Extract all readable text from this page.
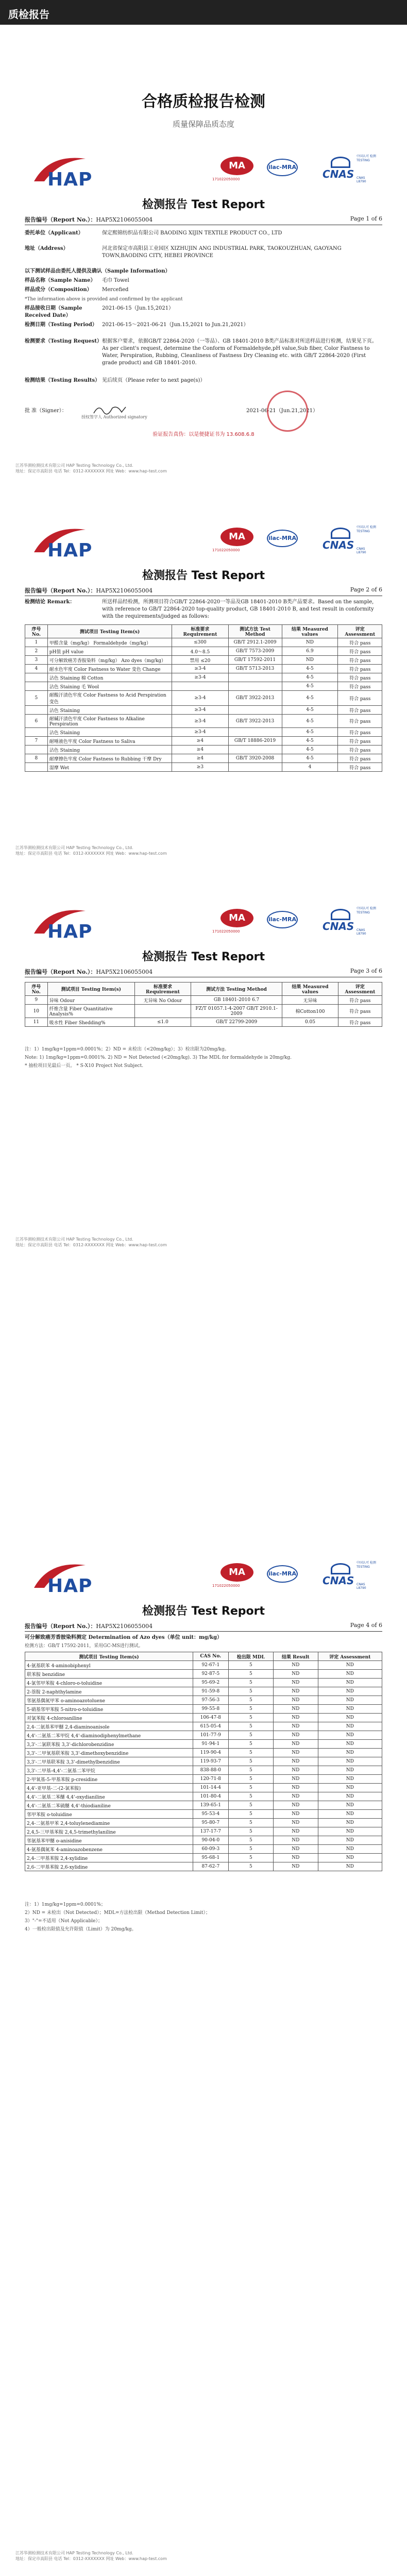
质检报告
合格质检报告检测
质量保障品质态度
HAP
MA
171022050000
ilac-MRA
CNAS
中国认可 检测 TESTING
CNAS L8790
检测报告 Test Report
报告编号（Report No.）：HAP5X2106055004	Page 1 of 6
委托单位（Applicant）	保定熙锦纺织品有限公司 BAODING XIJIN TEXTILE PRODUCT CO., LTD
地址（Address）	河北省保定市高阳县工业园区 XIZHUJIN ANG INDUSTRIAL PARK, TAOKOUZHUAN, GAOYANG TOWN,BAODING CITY, HEBEI PROVINCE
以下测试样品由委托人提供及确认（Sample Information）
样品名称（Sample Name）	毛巾 Towel
样品成分（Composition）	Mercefied
*The information above is provided and confirmed by the applicant
样品接收日期（Sample Received Date）
2021-06-15（Jun.15,2021）
检测日期（Testing Period） 2021-06-15～2021-06-21（Jun.15,2021 to Jun.21,2021）
检测要求（Testing Request） 根据客户要求，依据GB/T 22864-2020（一等品）、GB 18401-2010 B类产品标准对所送样品进行检测，结果见下页。As per client's request, determine the Conform of Formaldehyde,pH value,Sub fiber, Color Fastness to Water, Perspiration, Rubbing, Cleanliness of Fastness Dry Cleaning etc. with GB/T 22864-2020 (First grade product) and GB 18401-2010.
检测结果（Testing Results） 见后续页（Please refer to next page(s)）
批 准（Signer）：	2021-06-21（Jun.21,2021）
授权签字人 Authorized signatory
验证报告真伪：以是便捷证书为 13.608.6.8
江苏华测检测技术有限公司 HAP Testing Technology Co., Ltd.
地址：保定市高阳县 电话 Tel：0312-XXXXXXX 网址 Web：www.hap-test.com
HAP
MA
171022050000
ilac-MRA
CNAS
中国认可 检测 TESTING
CNAS L8790
检测报告 Test Report
报告编号（Report No.）：HAP5X2106055004	Page 2 of 6
检测结论 Remark：	所送样品经检测，所测项目符合GB/T 22864-2020一等品及GB 18401-2010 B类产品要求。Based on the sample, with reference to GB/T 22864-2020 top-quality product, GB 18401-2010 B, and test result in conformity with the requirements/judged as follows:
序号 No.	测试项目 Testing Item(s)	标准要求 Requirement	测试方法 Test Method	结果 Measured values	评定 Assessment
1	甲醛含量（mg/kg） Formaldehyde（mg/kg）	≤300	GB/T 2912.1-2009	ND	符合 pass
2	pH值 pH value	4.0～8.5	GB/T 7573-2009	6.9	符合 pass
3	可分解致癌芳香胺染料（mg/kg） Azo dyes（mg/kg）	禁用 ≤20	GB/T 17592-2011	ND	符合 pass
4	耐水色牢度 Color Fastness to Water 变色 Change	≥3-4	GB/T 5713-2013	4-5	符合 pass
	沾色 Staining 棉 Cotton	≥3-4		4-5	符合 pass
	沾色 Staining 毛 Wool			4-5	符合 pass
5	耐酸汗渍色牢度 Color Fastness to Acid Perspiration 变色	≥3-4	GB/T 3922-2013	4-5	符合 pass
	沾色 Staining	≥3-4		4-5	符合 pass
6	耐碱汗渍色牢度 Color Fastness to Alkaline Perspiration	≥3-4	GB/T 3922-2013	4-5	符合 pass
	沾色 Staining	≥3-4		4-5	符合 pass
7	耐唾液色牢度 Color Fastness to Saliva	≥4	GB/T 18886-2019	4-5	符合 pass
	沾色 Staining	≥4		4-5	符合 pass
8	耐摩擦色牢度 Color Fastness to Rubbing 干摩 Dry	≥4	GB/T 3920-2008	4-5	符合 pass
	湿摩 Wet	≥3		4	符合 pass
江苏华测检测技术有限公司 HAP Testing Technology Co., Ltd.
地址：保定市高阳县 电话 Tel：0312-XXXXXXX 网址 Web：www.hap-test.com
HAP
MA
171022050000
ilac-MRA
CNAS
中国认可 检测 TESTING
CNAS L8790
检测报告 Test Report
报告编号（Report No.）：HAP5X2106055004	Page 3 of 6
序号 No.	测试项目 Testing Item(s)	标准要求 Requirement	测试方法 Testing Method	结果 Measured values	评定 Assessment
9	异味 Odour	无异味 No Odour	GB 18401-2010 6.7	无异味	符合 pass
10	纤维含量 Fiber Quantitative Analysis%		FZ/T 01057.1-4-2007 GB/T 2910.1-2009	棉Cotton100	符合 pass
11	吸水性 Fiber Shedding%	≤1.0	GB/T 22799-2009	0.05	符合 pass
注：1）1mg/kg=1ppm=0.0001%；2）ND = 未检出（<20mg/kg）；3）检出限为20mg/kg。
Note: 1) 1mg/kg=1ppm=0.0001%. 2) ND = Not Detected (<20mg/kg). 3) The MDL for formaldehyde is 20mg/kg.
* 抽检项目见最后一页。 * S-X10 Project Not Subject.
江苏华测检测技术有限公司 HAP Testing Technology Co., Ltd.
地址：保定市高阳县 电话 Tel：0312-XXXXXXX 网址 Web：www.hap-test.com
HAP
MA
171022050000
ilac-MRA
CNAS
中国认可 检测 TESTING
CNAS L8790
检测报告 Test Report
报告编号（Report No.）：HAP5X2106055004	Page 4 of 6
可分解致癌芳香胺染料测定 Determination of Azo dyes（单位 unit：mg/kg）
检测方法：GB/T 17592-2011，采用GC-MS进行测试。
测试项目 Testing Item(s)	CAS No.	检出限 MDL	结果 Result	评定 Assessment
4-氨基联苯 4-aminobiphenyl	92-67-1	5	ND	ND
联苯胺 benzidine	92-87-5	5	ND	ND
4-氯邻甲苯胺 4-chloro-o-toluidine	95-69-2	5	ND	ND
2-萘胺 2-naphthylamine	91-59-8	5	ND	ND
邻氨基偶氮甲苯 o-aminoazotoluene	97-56-3	5	ND	ND
5-硝基邻甲苯胺 5-nitro-o-toluidine	99-55-8	5	ND	ND
对氯苯胺 4-chloroaniline	106-47-8	5	ND	ND
2,4-二氨基苯甲醚 2,4-diaminoanisole	615-05-4	5	ND	ND
4,4'-二氨基二苯甲烷 4,4'-diaminodiphenylmethane	101-77-9	5	ND	ND
3,3'-二氯联苯胺 3,3'-dichlorobenzidine	91-94-1	5	ND	ND
3,3'-二甲氧基联苯胺 3,3'-dimethoxybenzidine	119-90-4	5	ND	ND
3,3'-二甲基联苯胺 3,3'-dimethylbenzidine	119-93-7	5	ND	ND
3,3'-二甲基-4,4'-二氨基二苯甲烷	838-88-0	5	ND	ND
2-甲氧基-5-甲基苯胺 p-cresidine	120-71-8	5	ND	ND
4,4'-亚甲基-二-(2-氯苯胺)	101-14-4	5	ND	ND
4,4'-二氨基二苯醚 4,4'-oxydianiline	101-80-4	5	ND	ND
4,4'-二氨基二苯硫醚 4,4'-thiodianiline	139-65-1	5	ND	ND
邻甲苯胺 o-toluidine	95-53-4	5	ND	ND
2,4-二氨基甲苯 2,4-toluylenediamine	95-80-7	5	ND	ND
2,4,5-三甲基苯胺 2,4,5-trimethylaniline	137-17-7	5	ND	ND
邻氨基苯甲醚 o-anisidine	90-04-0	5	ND	ND
4-氨基偶氮苯 4-aminoazobenzene	60-09-3	5	ND	ND
2,4-二甲基苯胺 2,4-xylidine	95-68-1	5	ND	ND
2,6-二甲基苯胺 2,6-xylidine	87-62-7	5	ND	ND
注：1）1mg/kg=1ppm=0.0001%；
2）ND = 未检出（Not Detected）；MDL=方法检出限（Method Detection Limit）；
3）"-"=不适用（Not Applicable）；
4）一般检出限值及允许限值（Limit）为 20mg/kg。
江苏华测检测技术有限公司 HAP Testing Technology Co., Ltd.
地址：保定市高阳县 电话 Tel：0312-XXXXXXX 网址 Web：www.hap-test.com
